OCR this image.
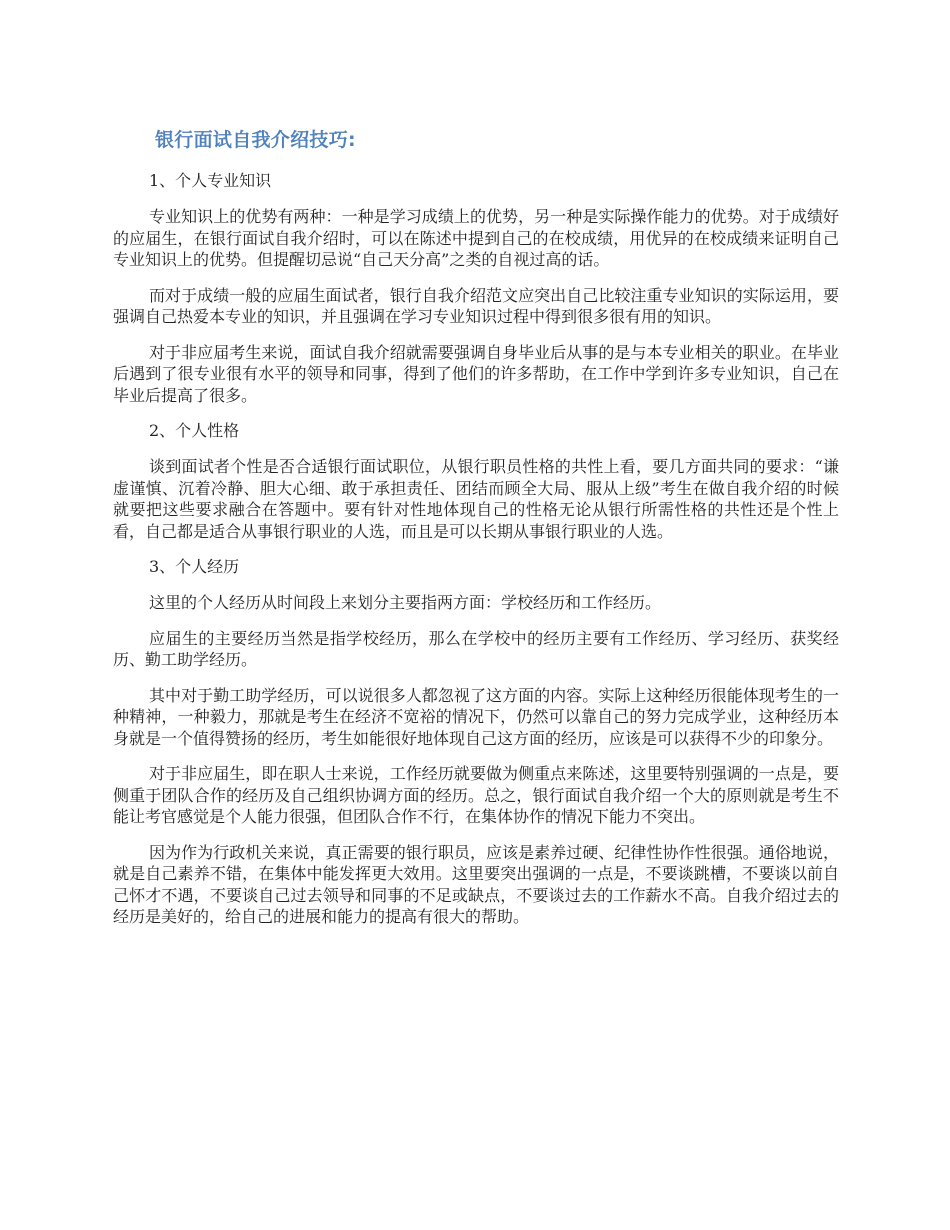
银行面试自我介绍技巧:

1、个人专业知识

专业知识上的优势有两种：一种是学习成绩上的优势，另一种是实际操作能力的优势。对于成绩好的应届生，在银行面试自我介绍时，可以在陈述中提到自己的在校成绩，用优异的在校成绩来证明自己专业知识上的优势。但提醒切忌说“自己天分高”之类的自视过高的话。

而对于成绩一般的应届生面试者，银行自我介绍范文应突出自己比较注重专业知识的实际运用，要强调自己热爱本专业的知识，并且强调在学习专业知识过程中得到很多很有用的知识。

对于非应届考生来说，面试自我介绍就需要强调自身毕业后从事的是与本专业相关的职业。在毕业后遇到了很专业很有水平的领导和同事，得到了他们的许多帮助，在工作中学到许多专业知识，自己在毕业后提高了很多。

2、个人性格

谈到面试者个性是否合适银行面试职位，从银行职员性格的共性上看，要几方面共同的要求：“谦虚谨慎、沉着冷静、胆大心细、敢于承担责任、团结而顾全大局、服从上级”考生在做自我介绍的时候就要把这些要求融合在答题中。要有针对性地体现自己的性格无论从银行所需性格的共性还是个性上看，自己都是适合从事银行职业的人选，而且是可以长期从事银行职业的人选。

3、个人经历

这里的个人经历从时间段上来划分主要指两方面：学校经历和工作经历。

应届生的主要经历当然是指学校经历，那么在学校中的经历主要有工作经历、学习经历、获奖经历、勤工助学经历。

其中对于勤工助学经历，可以说很多人都忽视了这方面的内容。实际上这种经历很能体现考生的一种精神，一种毅力，那就是考生在经济不宽裕的情况下，仍然可以靠自己的努力完成学业，这种经历本身就是一个值得赞扬的经历，考生如能很好地体现自己这方面的经历，应该是可以获得不少的印象分。

对于非应届生，即在职人士来说，工作经历就要做为侧重点来陈述，这里要特别强调的一点是，要侧重于团队合作的经历及自己组织协调方面的经历。总之，银行面试自我介绍一个大的原则就是考生不能让考官感觉是个人能力很强，但团队合作不行，在集体协作的情况下能力不突出。

因为作为行政机关来说，真正需要的银行职员，应该是素养过硬、纪律性协作性很强。通俗地说，就是自己素养不错，在集体中能发挥更大效用。这里要突出强调的一点是，不要谈跳槽，不要谈以前自己怀才不遇，不要谈自己过去领导和同事的不足或缺点，不要谈过去的工作薪水不高。自我介绍过去的经历是美好的，给自己的进展和能力的提高有很大的帮助。
